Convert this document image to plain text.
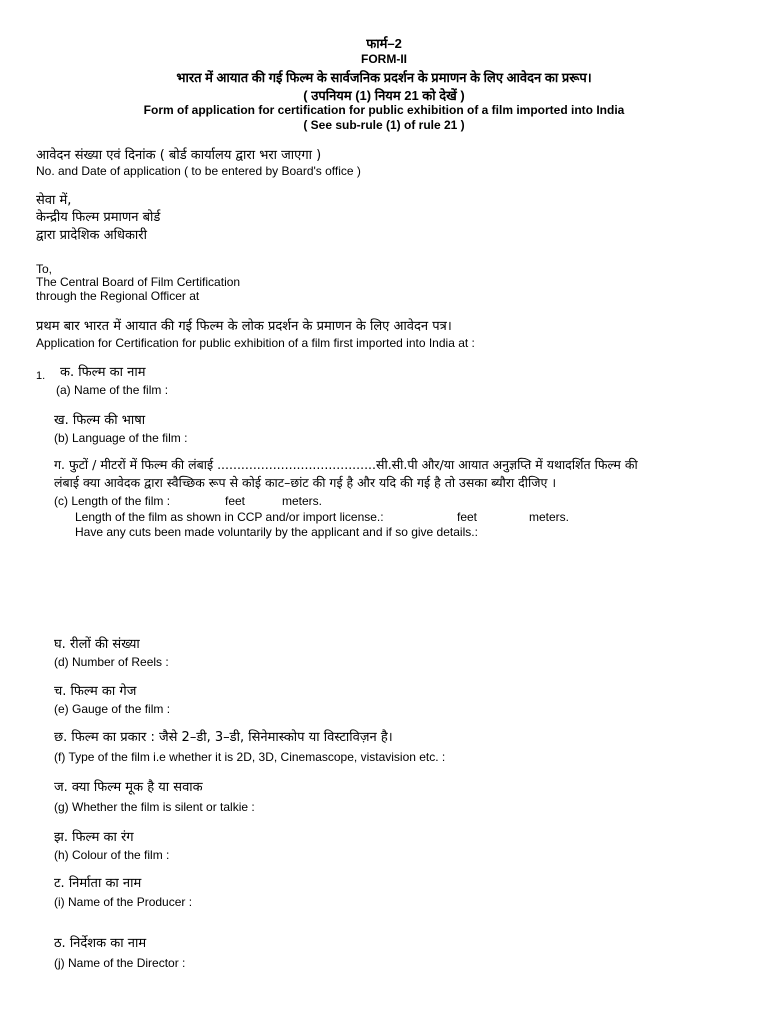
फार्म–2
FORM-II
भारत में आयात की गई फिल्म के सार्वजनिक प्रदर्शन के प्रमाणन के लिए आवेदन का प्ररूप।
( उपनियम (1) नियम 21 को देखें )
Form of application for certification for public exhibition of a film imported into India
( See sub-rule (1) of rule 21 )
आवेदन संख्या एवं दिनांक ( बोर्ड कार्यालय द्वारा भरा जाएगा )
No. and Date of application ( to be entered by Board's office )
सेवा में,
केन्द्रीय फिल्म प्रमाणन बोर्ड
द्वारा प्रादेशिक अधिकारी
To,
The Central Board of Film Certification
through the Regional Officer at
प्रथम बार भारत में आयात की गई फिल्म के लोक प्रदर्शन के प्रमाणन के लिए आवेदन पत्र।
Application for Certification for public exhibition of a film first imported into India at :
1. क. फिल्म का नाम
(a) Name of the film :
ख. फिल्म की भाषा
(b) Language of the film :
ग. फुटों / मीटरों में फिल्म की लंबाई ........................................सी.सी.पी और/या आयात अनुज्ञप्ति में यथादर्शित फिल्म की
लंबाई क्या आवेदक द्वारा स्वैच्छिक रूप से कोई काट–छांट की गई है और यदि की गई है तो उसका ब्यौरा दीजिए ।
(c) Length of the film :	feet	meters.
Length of the film as shown in CCP and/or import license.:	feet	meters.
Have any cuts been made voluntarily by the applicant and if so give details.:
घ. रीलों की संख्या
(d) Number of Reels :
च. फिल्म का गेज
(e) Gauge of the film :
छ. फिल्म का प्रकार : जैसे 2–डी, 3–डी, सिनेमास्कोप या विस्टाविज़न है।
(f) Type of the film i.e whether it is 2D, 3D, Cinemascope, vistavision etc. :
ज. क्या फिल्म मूक है या सवाक
(g) Whether the film is silent or talkie :
झ. फिल्म का रंग
(h) Colour of the film :
ट. निर्माता का नाम
(i) Name of the Producer :
ठ. निर्देशक का नाम
(j) Name of the Director :
